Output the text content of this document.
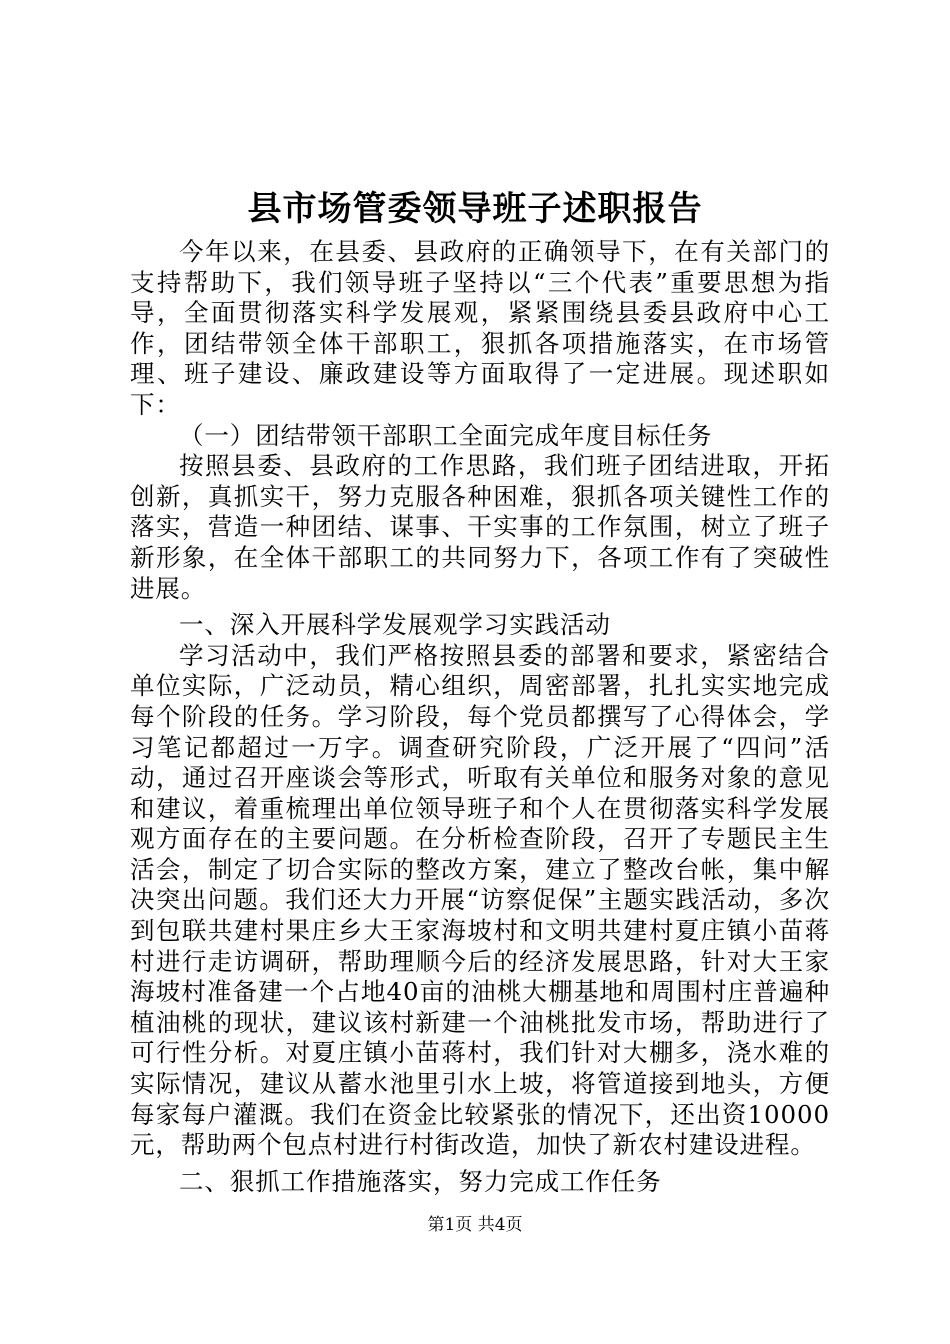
县市场管委领导班子述职报告

今年以来，在县委、县政府的正确领导下，在有关部门的支持帮助下，我们领导班子坚持以“三个代表”重要思想为指导，全面贯彻落实科学发展观，紧紧围绕县委县政府中心工作，团结带领全体干部职工，狠抓各项措施落实，在市场管理、班子建设、廉政建设等方面取得了一定进展。现述职如下：

（一）团结带领干部职工全面完成年度目标任务

按照县委、县政府的工作思路，我们班子团结进取，开拓创新，真抓实干，努力克服各种困难，狠抓各项关键性工作的落实，营造一种团结、谋事、干实事的工作氛围，树立了班子新形象，在全体干部职工的共同努力下，各项工作有了突破性进展。

一、深入开展科学发展观学习实践活动

学习活动中，我们严格按照县委的部署和要求，紧密结合单位实际，广泛动员，精心组织，周密部署，扎扎实实地完成每个阶段的任务。学习阶段，每个党员都撰写了心得体会，学习笔记都超过一万字。调查研究阶段，广泛开展了“四问”活动，通过召开座谈会等形式，听取有关单位和服务对象的意见和建议，着重梳理出单位领导班子和个人在贯彻落实科学发展观方面存在的主要问题。在分析检查阶段，召开了专题民主生活会，制定了切合实际的整改方案，建立了整改台帐，集中解决突出问题。我们还大力开展“访察促保”主题实践活动，多次到包联共建村果庄乡大王家海坡村和文明共建村夏庄镇小苗蒋村进行走访调研，帮助理顺今后的经济发展思路，针对大王家海坡村准备建一个占地40亩的油桃大棚基地和周围村庄普遍种植油桃的现状，建议该村新建一个油桃批发市场，帮助进行了可行性分析。对夏庄镇小苗蒋村，我们针对大棚多，浇水难的实际情况，建议从蓄水池里引水上坡，将管道接到地头，方便每家每户灌溉。我们在资金比较紧张的情况下，还出资10000元，帮助两个包点村进行村街改造，加快了新农村建设进程。

二、狠抓工作措施落实，努力完成工作任务

第1页 共4页
